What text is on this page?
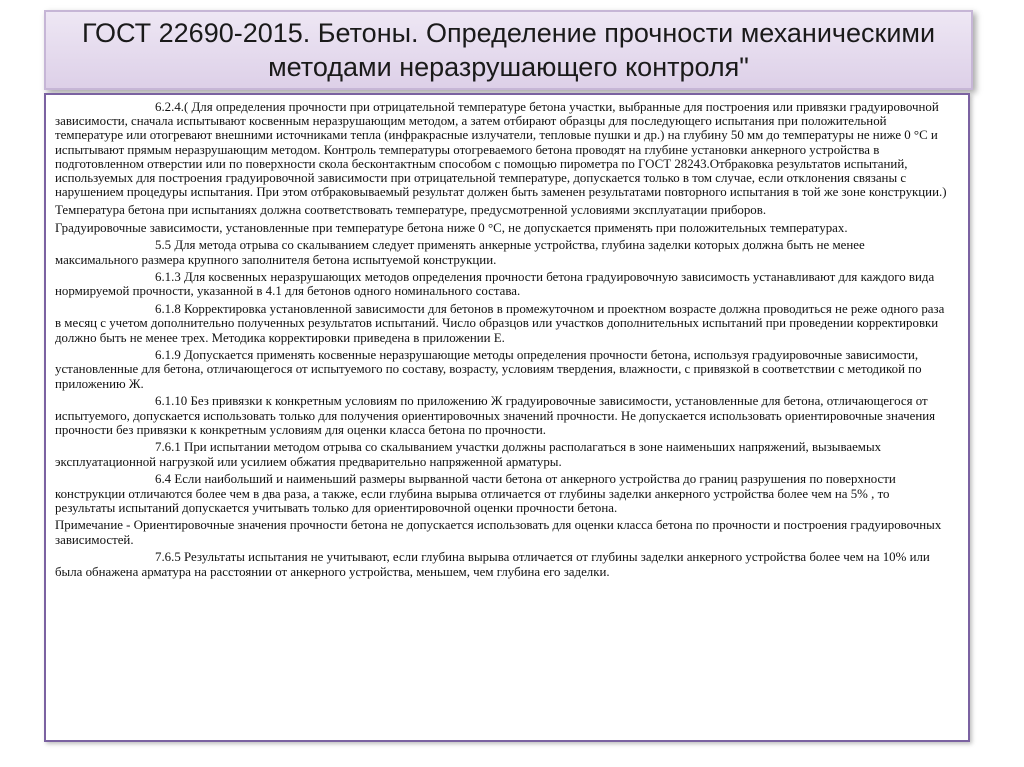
ГОСТ 22690-2015. Бетоны. Определение прочности механическими
методами неразрушающего контроля"

6.2.4.( Для определения прочности при отрицательной температуре бетона участки, выбранные для построения или привязки градуировочной зависимости, сначала испытывают косвенным неразрушающим методом, а затем отбирают образцы для последующего испытания при положительной температуре или отогревают внешними источниками тепла (инфракрасные излучатели, тепловые пушки и др.) на глубину 50 мм до температуры не ниже 0 °С и испытывают прямым неразрушающим методом. Контроль температуры отогреваемого бетона проводят на глубине установки анкерного устройства в подготовленном отверстии или по поверхности скола бесконтактным способом с помощью пирометра по ГОСТ 28243.Отбраковка результатов испытаний, используемых для построения градуировочной зависимости при отрицательной температуре, допускается только в том случае, если отклонения связаны с нарушением процедуры испытания. При этом отбраковываемый результат должен быть заменен результатами повторного испытания в той же зоне конструкции.)

Температура бетона при испытаниях должна соответствовать температуре, предусмотренной условиями эксплуатации приборов.

Градуировочные зависимости, установленные при температуре бетона ниже 0 °С, не допускается применять при положительных температурах.

5.5 Для метода отрыва со скалыванием следует применять анкерные устройства, глубина заделки которых должна быть не менее максимального размера крупного заполнителя бетона испытуемой конструкции.

6.1.3 Для косвенных неразрушающих методов определения прочности бетона градуировочную зависимость устанавливают для каждого вида нормируемой прочности, указанной в 4.1 для бетонов одного номинального состава.

6.1.8 Корректировка установленной зависимости для бетонов в промежуточном и проектном возрасте должна проводиться не реже одного раза в месяц с учетом дополнительно полученных результатов испытаний. Число образцов или участков дополнительных испытаний при проведении корректировки должно быть не менее трех. Методика корректировки приведена в приложении Е.

6.1.9 Допускается применять косвенные неразрушающие методы определения прочности бетона, используя градуировочные зависимости, установленные для бетона, отличающегося от испытуемого по составу, возрасту, условиям твердения, влажности, с привязкой в соответствии с методикой по приложению Ж.

6.1.10 Без привязки к конкретным условиям по приложению Ж градуировочные зависимости, установленные для бетона, отличающегося от испытуемого, допускается использовать только для получения ориентировочных значений прочности. Не допускается использовать ориентировочные значения прочности без привязки к конкретным условиям для оценки класса бетона по прочности.

7.6.1 При испытании методом отрыва со скалыванием участки должны располагаться в зоне наименьших напряжений, вызываемых эксплуатационной нагрузкой или усилием обжатия предварительно напряженной арматуры.

6.4 Если наибольший и наименьший размеры вырванной части бетона от анкерного устройства до границ разрушения по поверхности конструкции отличаются более чем в два раза, а также, если глубина вырыва отличается от глубины заделки анкерного устройства более чем на 5% , то результаты испытаний допускается учитывать только для ориентировочной оценки прочности бетона.

Примечание - Ориентировочные значения прочности бетона не допускается использовать для оценки класса бетона по прочности и построения градуировочных зависимостей.

7.6.5 Результаты испытания не учитывают, если глубина вырыва отличается от глубины заделки анкерного устройства более чем на 10% или была обнажена арматура на расстоянии от анкерного устройства, меньшем, чем глубина его заделки.
